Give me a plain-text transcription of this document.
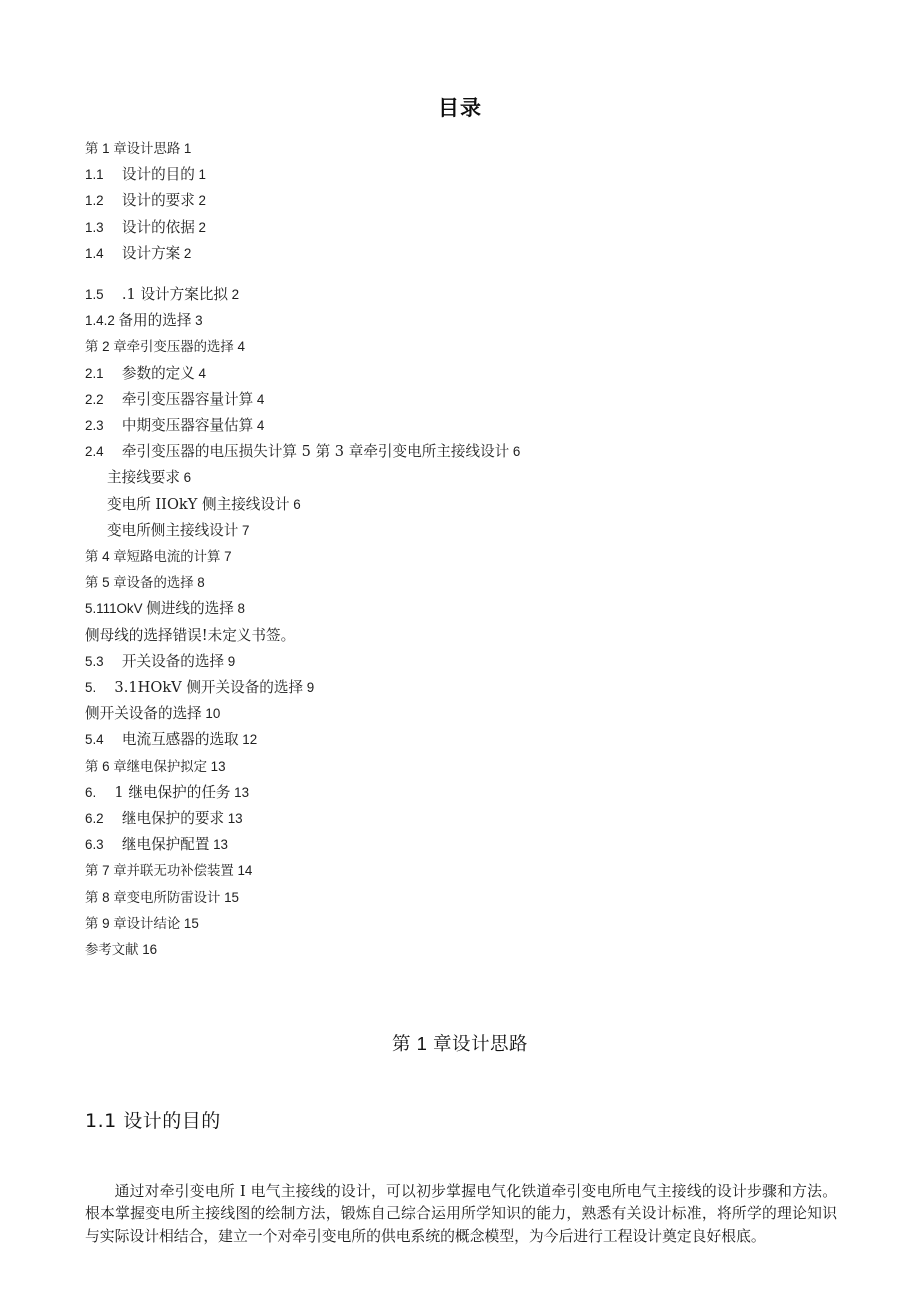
目录
第 1 章设计思路 1
1.1 设计的目的 1
1.2 设计的要求 2
1.3 设计的依据 2
1.4 设计方案 2
1.5 .1 设计方案比拟 2
1.4.2 备用的选择 3
第 2 章牵引变压器的选择 4
2.1 参数的定义 4
2.2 牵引变压器容量计算 4
2.3 中期变压器容量估算 4
2.4 牵引变压器的电压损失计算 5 第 3 章牵引变电所主接线设计 6
主接线要求 6
变电所 IIOkY 侧主接线设计 6
变电所侧主接线设计 7
第 4 章短路电流的计算 7
第 5 章设备的选择 8
5.111OkV 侧进线的选择 8
侧母线的选择错误!未定义书签。
5.3 开关设备的选择 9
5. 3.1HOkV 侧开关设备的选择 9
侧开关设备的选择 10
5.4 电流互感器的选取 12
第 6 章继电保护拟定 13
6. 1 继电保护的任务 13
6.2 继电保护的要求 13
6.3 继电保护配置 13
第 7 章并联无功补偿装置 14
第 8 章变电所防雷设计 15
第 9 章设计结论 15
参考文献 16
第 1 章设计思路
1.1 设计的目的

通过对牵引变电所 I 电气主接线的设计，可以初步掌握电气化铁道牵引变电所电气主接线的设计步骤和方法。根本掌握变电所主接线图的绘制方法，锻炼自己综合运用所学知识的能力，熟悉有关设计标准，将所学的理论知识与实际设计相结合，建立一个对牵引变电所的供电系统的概念模型，为今后进行工程设计奠定良好根底。
